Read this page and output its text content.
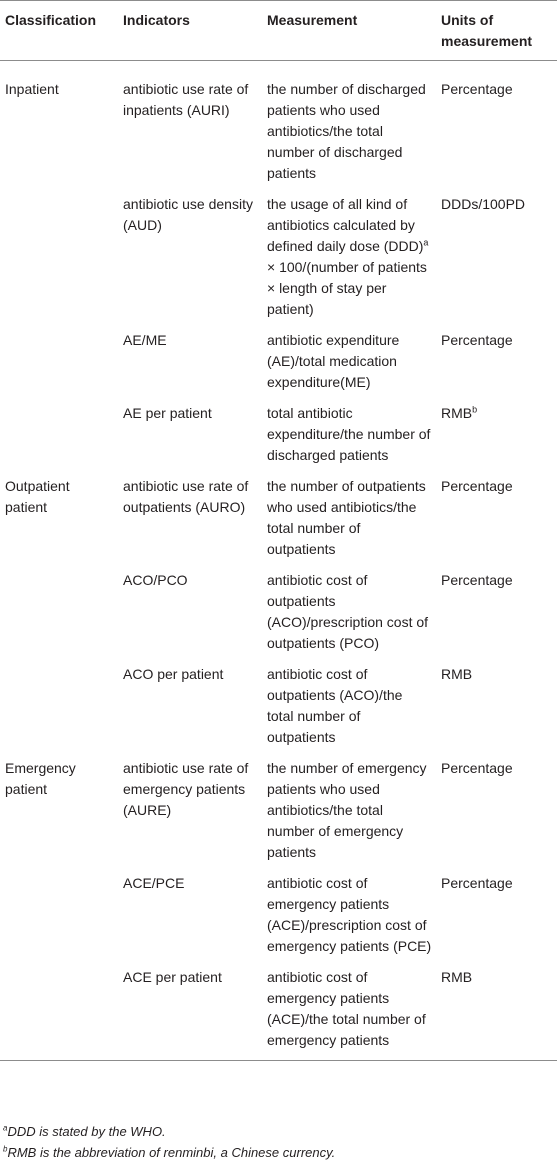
Classification	Indicators	Measurement	Units of measurement
Inpatient	antibiotic use rate of inpatients (AURI)	the number of discharged patients who used antibiotics/the total number of discharged patients	Percentage
	antibiotic use density (AUD)	the usage of all kind of antibiotics calculated by defined daily dose (DDD)$^a$ × 100/(number of patients × length of stay per patient)	DDDs/100PD
	AE/ME	antibiotic expenditure (AE)/total medication expenditure(ME)	Percentage
	AE per patient	total antibiotic expenditure/the number of discharged patients	RMB$^b$
Outpatient patient	antibiotic use rate of outpatients (AURO)	the number of outpatients who used antibiotics/the total number of outpatients	Percentage
	ACO/PCO	antibiotic cost of outpatients (ACO)/prescription cost of outpatients (PCO)	Percentage
	ACO per patient	antibiotic cost of outpatients (ACO)/the total number of outpatients	RMB
Emergency patient	antibiotic use rate of emergency patients (AURE)	the number of emergency patients who used antibiotics/the total number of emergency patients	Percentage
	ACE/PCE	antibiotic cost of emergency patients (ACE)/prescription cost of emergency patients (PCE)	Percentage
	ACE per patient	antibiotic cost of emergency patients (ACE)/the total number of emergency patients	RMB
$^a$DDD is stated by the WHO.
$^b$RMB is the abbreviation of renminbi, a Chinese currency.
